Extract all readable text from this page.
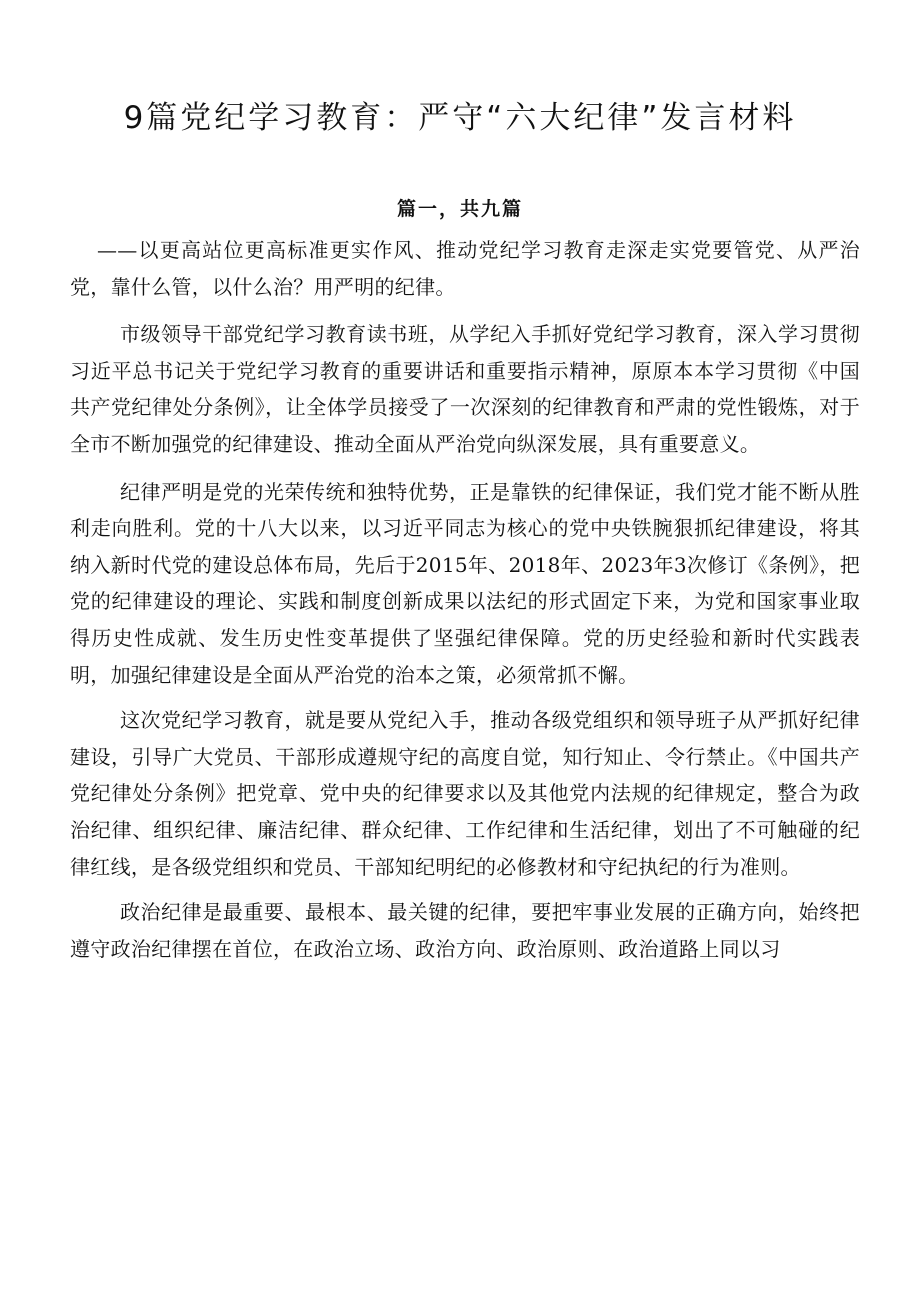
9篇党纪学习教育：严守“六大纪律”发言材料
篇一，共九篇

——以更高站位更高标准更实作风、推动党纪学习教育走深走实党要管党、从严治党，靠什么管，以什么治？用严明的纪律。

市级领导干部党纪学习教育读书班，从学纪入手抓好党纪学习教育，深入学习贯彻习近平总书记关于党纪学习教育的重要讲话和重要指示精神，原原本本学习贯彻《中国共产党纪律处分条例》，让全体学员接受了一次深刻的纪律教育和严肃的党性锻炼，对于全市不断加强党的纪律建设、推动全面从严治党向纵深发展，具有重要意义。

纪律严明是党的光荣传统和独特优势，正是靠铁的纪律保证，我们党才能不断从胜利走向胜利。党的十八大以来，以习近平同志为核心的党中央铁腕狠抓纪律建设，将其纳入新时代党的建设总体布局，先后于2015年、2018年、2023年3次修订《条例》，把党的纪律建设的理论、实践和制度创新成果以法纪的形式固定下来，为党和国家事业取得历史性成就、发生历史性变革提供了坚强纪律保障。党的历史经验和新时代实践表明，加强纪律建设是全面从严治党的治本之策，必须常抓不懈。

这次党纪学习教育，就是要从党纪入手，推动各级党组织和领导班子从严抓好纪律建设，引导广大党员、干部形成遵规守纪的高度自觉，知行知止、令行禁止。《中国共产党纪律处分条例》把党章、党中央的纪律要求以及其他党内法规的纪律规定，整合为政治纪律、组织纪律、廉洁纪律、群众纪律、工作纪律和生活纪律，划出了不可触碰的纪律红线，是各级党组织和党员、干部知纪明纪的必修教材和守纪执纪的行为准则。

政治纪律是最重要、最根本、最关键的纪律，要把牢事业发展的正确方向，始终把遵守政治纪律摆在首位，在政治立场、政治方向、政治原则、政治道路上同以习
